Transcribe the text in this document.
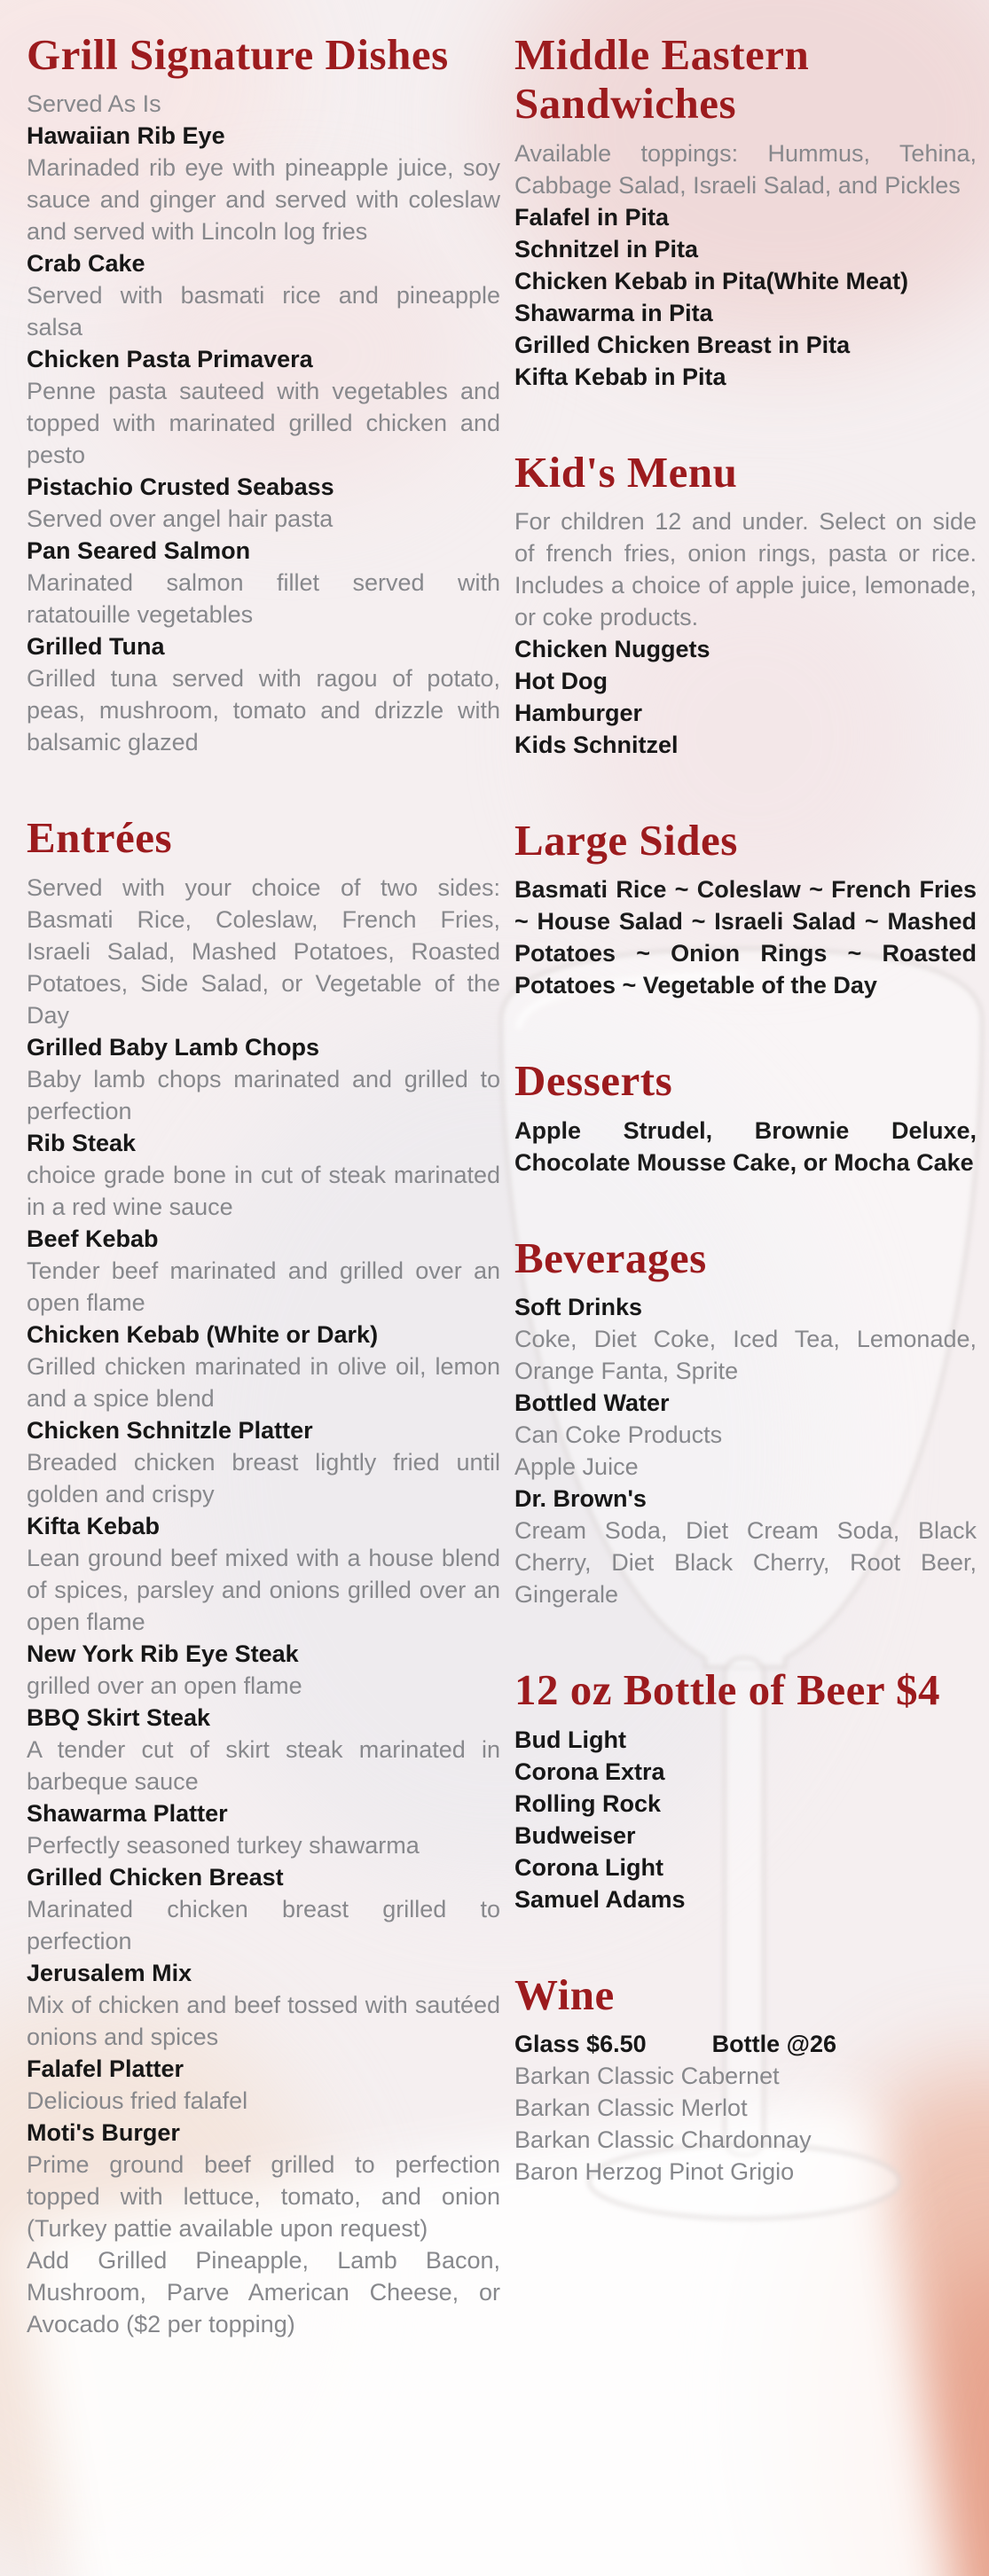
Grill Signature Dishes

Served As Is

Hawaiian Rib Eye

Marinaded rib eye with pineapple juice, soy sauce and ginger and served with coleslaw and served with Lincoln log fries

Crab Cake

Served with basmati rice and pineapple salsa

Chicken Pasta Primavera

Penne pasta sauteed with vegetables and topped with marinated grilled chicken and pesto

Pistachio Crusted Seabass

Served over angel hair pasta

Pan Seared Salmon

Marinated salmon fillet served with ratatouille vegetables

Grilled Tuna

Grilled tuna served with ragou of potato, peas, mushroom, tomato and drizzle with balsamic glazed

Entrées

Served with your choice of two sides: Basmati Rice, Coleslaw, French Fries, Israeli Salad, Mashed Potatoes, Roasted Potatoes, Side Salad, or Vegetable of the Day

Grilled Baby Lamb Chops

Baby lamb chops marinated and grilled to perfection

Rib Steak

choice grade bone in cut of steak marinated in a red wine sauce

Beef Kebab

Tender beef marinated and grilled over an open flame

Chicken Kebab (White or Dark)

Grilled chicken marinated in olive oil, lemon and a spice blend

Chicken Schnitzle Platter

Breaded chicken breast lightly fried until golden and crispy

Kifta Kebab

Lean ground beef mixed with a house blend of spices, parsley and onions grilled over an open flame

New York Rib Eye Steak

grilled over an open flame

BBQ Skirt Steak

A tender cut of skirt steak marinated in barbeque sauce

Shawarma Platter

Perfectly seasoned turkey shawarma

Grilled Chicken Breast

Marinated chicken breast grilled to perfection

Jerusalem Mix

Mix of chicken and beef tossed with sautéed onions and spices

Falafel Platter

Delicious fried falafel

Moti's Burger

Prime ground beef grilled to perfection topped with lettuce, tomato, and onion (Turkey pattie available upon request)

Add Grilled Pineapple, Lamb Bacon, Mushroom, Parve American Cheese, or Avocado ($2 per topping)

Middle Eastern Sandwiches

Available toppings: Hummus, Tehina, Cabbage Salad, Israeli Salad, and Pickles

Falafel in Pita

Schnitzel in Pita

Chicken Kebab in Pita(White Meat)

Shawarma in Pita

Grilled Chicken Breast in Pita

Kifta Kebab in Pita

Kid's Menu

For children 12 and under. Select on side of french fries, onion rings, pasta or rice. Includes a choice of apple juice, lemonade, or coke products.

Chicken Nuggets

Hot Dog

Hamburger

Kids Schnitzel

Large Sides

Basmati Rice ~ Coleslaw ~ French Fries ~ House Salad ~ Israeli Salad ~ Mashed Potatoes ~ Onion Rings ~ Roasted Potatoes ~ Vegetable of the Day

Desserts

Apple Strudel, Brownie Deluxe, Chocolate Mousse Cake, or Mocha Cake

Beverages

Soft Drinks

Coke, Diet Coke, Iced Tea, Lemonade, Orange Fanta, Sprite

Bottled Water

Can Coke Products

Apple Juice

Dr. Brown's

Cream Soda, Diet Cream Soda, Black Cherry, Diet Black Cherry, Root Beer, Gingerale

12 oz Bottle of Beer $4

Bud Light

Corona Extra

Rolling Rock

Budweiser

Corona Light

Samuel Adams

Wine

Glass $6.50	Bottle @26

Barkan Classic Cabernet

Barkan Classic Merlot

Barkan Classic Chardonnay

Baron Herzog Pinot Grigio
